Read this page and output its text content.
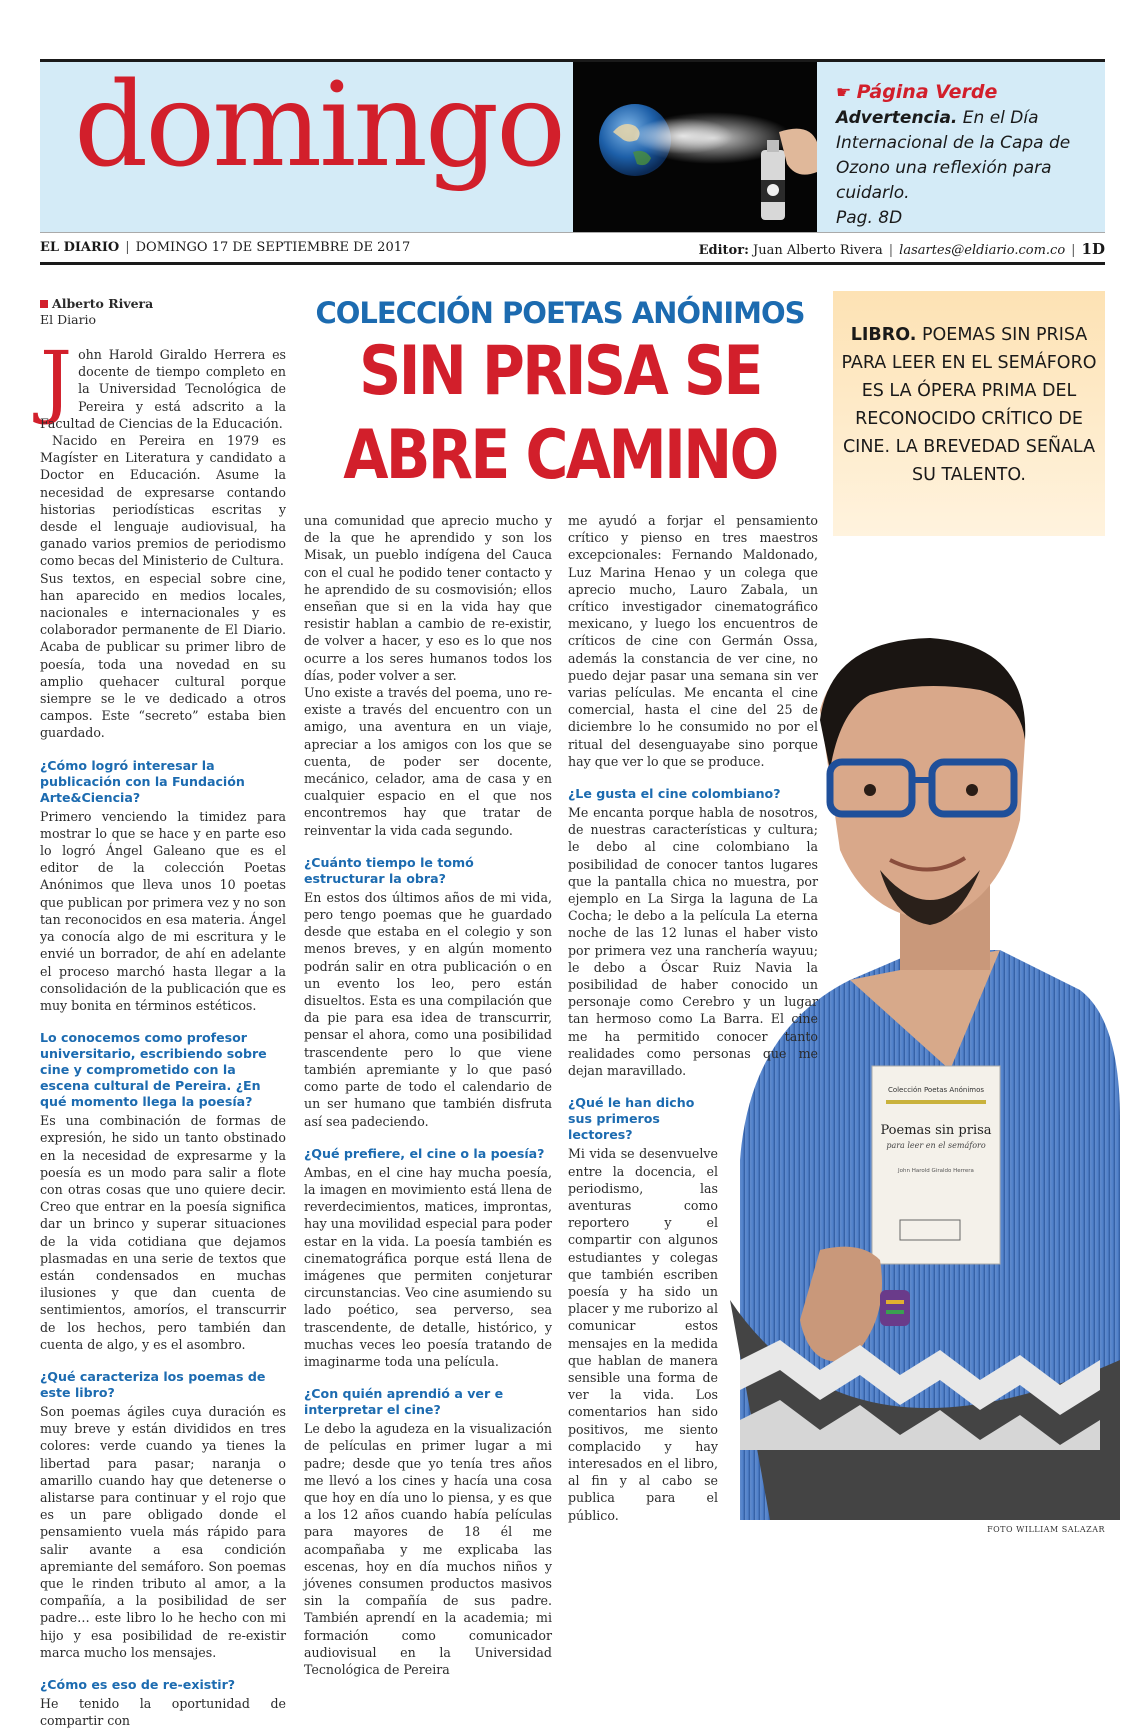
domingo	☛ Página Verde
Advertencia. En el Día Internacional de la Capa de Ozono una reflexión para cuidarlo.
Pag. 8D
EL DIARIO | DOMINGO 17 DE SEPTIEMBRE DE 2017	Editor: Juan Alberto Rivera | lasartes@eldiario.com.co | 1D
COLECCIÓN POETAS ANÓNIMOS
SIN PRISA SE ABRE CAMINO
LIBRO. POEMAS SIN PRISA PARA LEER EN EL SEMÁFORO ES LA ÓPERA PRIMA DEL RECONOCIDO CRÍTICO DE CINE. LA BREVEDAD SEÑALA SU TALENTO.
Alberto Rivera
El Diario
J ohn Harold Giraldo Herrera es docente de tiempo completo en la Universidad Tecnológica de Pereira y está adscrito a la Facultad de Ciencias de la Educación.

Nacido en Pereira en 1979 es Magíster en Literatura y candidato a Doctor en Educación. Asume la necesidad de expresarse contando historias periodísticas escritas y desde el lenguaje audiovisual, ha ganado varios premios de periodismo como becas del Ministerio de Cultura.

Sus textos, en especial sobre cine, han aparecido en medios locales, nacionales e internacionales y es colaborador permanente de El Diario. Acaba de publicar su primer libro de poesía, toda una novedad en su amplio quehacer cultural porque siempre se le ve dedicado a otros campos. Este “secreto” estaba bien guardado.

¿Cómo logró interesar la publicación con la Fundación Arte&Ciencia?

Primero venciendo la timidez para mostrar lo que se hace y en parte eso lo logró Ángel Galeano que es el editor de la colección Poetas Anónimos que lleva unos 10 poetas que publican por primera vez y no son tan reconocidos en esa materia. Ángel ya conocía algo de mi escritura y le envié un borrador, de ahí en adelante el proceso marchó hasta llegar a la consolidación de la publicación que es muy bonita en términos estéticos.

Lo conocemos como profesor universitario, escribiendo sobre cine y comprometido con la escena cultural de Pereira. ¿En qué momento llega la poesía?

Es una combinación de formas de expresión, he sido un tanto obstinado en la necesidad de expresarme y la poesía es un modo para salir a flote con otras cosas que uno quiere decir. Creo que entrar en la poesía significa dar un brinco y superar situaciones de la vida cotidiana que dejamos plasmadas en una serie de textos que están condensados en muchas ilusiones y que dan cuenta de sentimientos, amoríos, el transcurrir de los hechos, pero también dan cuenta de algo, y es el asombro.

¿Qué caracteriza los poemas de este libro?

Son poemas ágiles cuya duración es muy breve y están divididos en tres colores: verde cuando ya tienes la libertad para pasar; naranja o amarillo cuando hay que detenerse o alistarse para continuar y el rojo que es un pare obligado donde el pensamiento vuela más rápido para salir avante a esa condición apremiante del semáforo. Son poemas que le rinden tributo al amor, a la compañía, a la posibilidad de ser padre… este libro lo he hecho con mi hijo y esa posibilidad de re-existir marca mucho los mensajes.

¿Cómo es eso de re-existir?

He tenido la oportunidad de compartir con

una comunidad que aprecio mucho y de la que he aprendido y son los Misak, un pueblo indígena del Cauca con el cual he podido tener contacto y he aprendido de su cosmovisión; ellos enseñan que si en la vida hay que resistir hablan a cambio de re-existir, de volver a hacer, y eso es lo que nos ocurre a los seres humanos todos los días, poder volver a ser.

Uno existe a través del poema, uno re-existe a través del encuentro con un amigo, una aventura en un viaje, apreciar a los amigos con los que se cuenta, de poder ser docente, mecánico, celador, ama de casa y en cualquier espacio en el que nos encontremos hay que tratar de reinventar la vida cada segundo.

¿Cuánto tiempo le tomó estructurar la obra?

En estos dos últimos años de mi vida, pero tengo poemas que he guardado desde que estaba en el colegio y son menos breves, y en algún momento podrán salir en otra publicación o en un evento los leo, pero están disueltos. Esta es una compilación que da pie para esa idea de transcurrir, pensar el ahora, como una posibilidad trascendente pero lo que viene también apremiante y lo que pasó como parte de todo el calendario de un ser humano que también disfruta así sea padeciendo.

¿Qué prefiere, el cine o la poesía?

Ambas, en el cine hay mucha poesía, la imagen en movimiento está llena de reverdecimientos, matices, improntas, hay una movilidad especial para poder estar en la vida. La poesía también es cinematográfica porque está llena de imágenes que permiten conjeturar circunstancias. Veo cine asumiendo su lado poético, sea perverso, sea trascendente, de detalle, histórico, y muchas veces leo poesía tratando de imaginarme toda una película.

¿Con quién aprendió a ver e interpretar el cine?

Le debo la agudeza en la visualización de películas en primer lugar a mi padre; desde que yo tenía tres años me llevó a los cines y hacía una cosa que hoy en día uno lo piensa, y es que a los 12 años cuando había películas para mayores de 18 él me acompañaba y me explicaba las escenas, hoy en día muchos niños y jóvenes consumen productos masivos sin la compañía de sus padre. También aprendí en la academia; mi formación como comunicador audiovisual en la Universidad Tecnológica de Pereira

Colección Poetas Anónimos
Poemas sin prisa
para leer en el semáforo
John Harold Giraldo Herrera

me ayudó a forjar el pensamiento crítico y pienso en tres maestros excepcionales: Fernando Maldonado, Luz Marina Henao y un colega que aprecio mucho, Lauro Zabala, un crítico investigador cinematográfico mexicano, y luego los encuentros de críticos de cine con Germán Ossa, además la constancia de ver cine, no puedo dejar pasar una semana sin ver varias películas. Me encanta el cine comercial, hasta el cine del 25 de diciembre lo he consumido no por el ritual del desenguayabe sino porque hay que ver lo que se produce.

¿Le gusta el cine colombiano?

Me encanta porque habla de nosotros, de nuestras características y cultura; le debo al cine colombiano la posibilidad de conocer tantos lugares que la pantalla chica no muestra, por ejemplo en La Sirga la laguna de La Cocha; le debo a la película La eterna noche de las 12 lunas el haber visto por primera vez una ranchería wayuu; le debo a Óscar Ruiz Navia la posibilidad de haber conocido un personaje como Cerebro y un lugar tan hermoso como La Barra. El cine me ha permitido conocer tanto realidades como personas que me dejan maravillado.

¿Qué le han dicho sus primeros lectores?

Mi vida se desenvuelve entre la docencia, el periodismo, las aventuras como reportero y el compartir con algunos estudiantes y colegas que también escriben poesía y ha sido un placer y me ruborizo al comunicar estos mensajes en la medida que hablan de manera sensible una forma de ver la vida. Los comentarios han sido positivos, me siento complacido y hay interesados en el libro, al fin y al cabo se publica para el público.

FOTO WILLIAM SALAZAR
